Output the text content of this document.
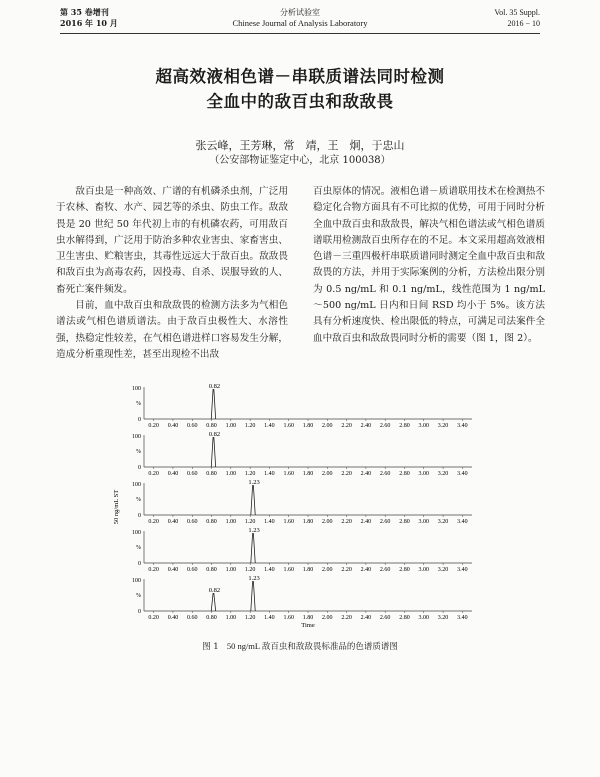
第 35 卷增刊
2016 年 10 月
分析试验室
Chinese Journal of Analysis Laboratory
Vol. 35 Suppl.
2016 − 10
超高效液相色谱－串联质谱法同时检测
全血中的敌百虫和敌敌畏
张云峰，王芳琳，常　靖，王　炯，于忠山
（公安部物证鉴定中心，北京 100038）

敌百虫是一种高效、广谱的有机磷杀虫剂，广泛用于农林、畜牧、水产、园艺等的杀虫、防虫工作。敌敌畏是 20 世纪 50 年代初上市的有机磷农药，可用敌百虫水解得到，广泛用于防治多种农业害虫、家畜害虫、卫生害虫、贮粮害虫，其毒性远远大于敌百虫。敌敌畏和敌百虫为高毒农药，因投毒、自杀、误服导致的人、畜死亡案件频发。

目前，血中敌百虫和敌敌畏的检测方法多为气相色谱法或气相色谱质谱法。由于敌百虫极性大、水溶性强，热稳定性较差，在气相色谱进样口容易发生分解，造成分析重现性差，甚至出现检不出敌

百虫原体的情况。液相色谱－质谱联用技术在检测热不稳定化合物方面具有不可比拟的优势，可用于同时分析全血中敌百虫和敌敌畏，解决气相色谱法或气相色谱质谱联用检测敌百虫所存在的不足。本文采用超高效液相色谱－三重四极杆串联质谱同时测定全血中敌百虫和敌敌畏的方法，并用于实际案例的分析，方法检出限分别为 0.5 ng/mL 和 0.1 ng/mL，线性范围为 1 ng/mL～500 ng/mL 日内和日间 RSD 均小于 5%。该方法具有分析速度快、检出限低的特点，可满足司法案件全血中敌百虫和敌敌畏同时分析的需要（图 1，图 2）。

100
%
0
0.20 0.40 0.60 0.80 1.00 1.20 1.40 1.60 1.80 2.00 2.20 2.40 2.60 2.80 3.00 3.20 3.40
0.82
100
%
0
0.20 0.40 0.60 0.80 1.00 1.20 1.40 1.60 1.80 2.00 2.20 2.40 2.60 2.80 3.00 3.20 3.40
0.82
100
%
0
0.20 0.40 0.60 0.80 1.00 1.20 1.40 1.60 1.80 2.00 2.20 2.40 2.60 2.80 3.00 3.20 3.40
1.23
100
%
0
0.20 0.40 0.60 0.80 1.00 1.20 1.40 1.60 1.80 2.00 2.20 2.40 2.60 2.80 3.00 3.20 3.40
1.23
100
%
0
0.20 0.40 0.60 0.80 1.00 1.20 1.40 1.60 1.80 2.00 2.20 2.40 2.60 2.80 3.00 3.20 3.40
0.82
1.23
50 ng/mL ST
Time
图 1 50 ng/mL 敌百虫和敌敌畏标准品的色谱质谱图
